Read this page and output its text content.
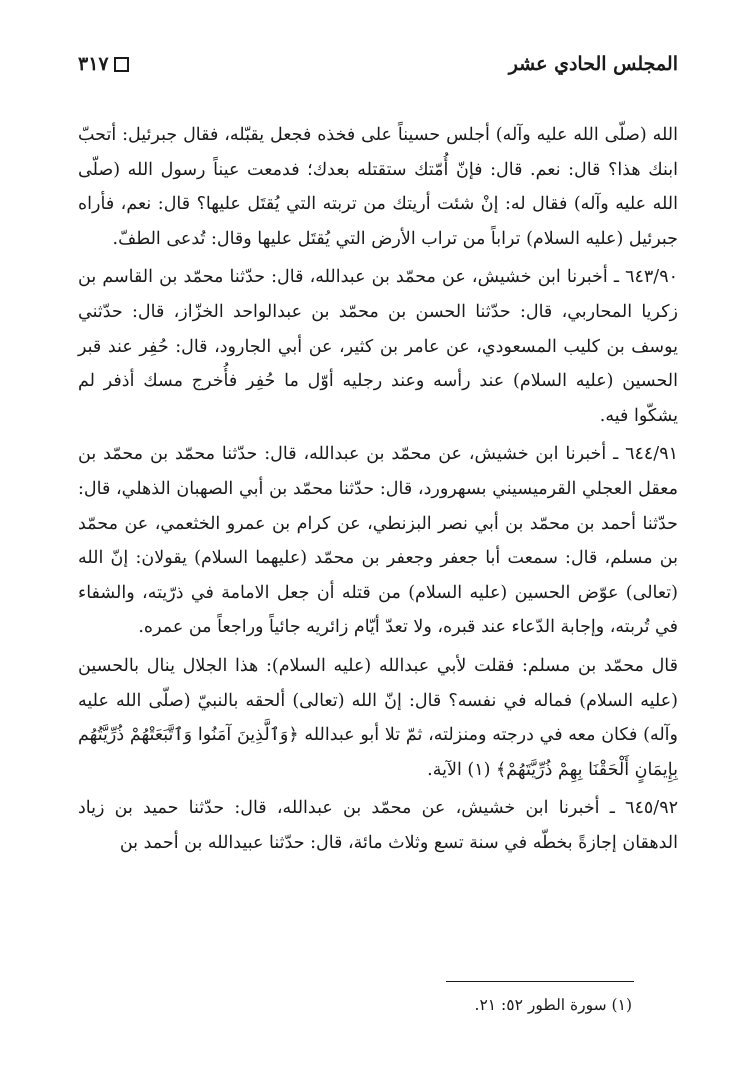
المجلس الحادي عشر
٣١٧

الله (صلّى الله عليه وآله) أجلس حسيناً على فخذه فجعل يقبّله، فقال جبرئيل: أتحبّ ابنك هذا؟ قال: نعم. قال: فإنّ أُمّتك ستقتله بعدك؛ فدمعت عيناً رسول الله (صلّى الله عليه وآله) فقال له: إنْ شئت أريتك من تربته التي يُقتَل عليها؟ قال: نعم، فأراه جبرئيل (عليه السلام) تراباً من تراب الأرض التي يُقتَل عليها وقال: تُدعى الطفّ.

٦٤٣/٩٠ ـ أخبرنا ابن خشيش، عن محمّد بن عبدالله، قال: حدّثنا محمّد بن القاسم بن زكريا المحاربي، قال: حدّثنا الحسن بن محمّد بن عبدالواحد الخزّاز، قال: حدّثني يوسف بن كليب المسعودي، عن عامر بن كثير، عن أبي الجارود، قال: حُفِر عند قبر الحسين (عليه السلام) عند رأسه وعند رجليه أوّل ما حُفِر فأُخرج مسك أذفر لم يشكّوا فيه.

٦٤٤/٩١ ـ أخبرنا ابن خشيش، عن محمّد بن عبدالله، قال: حدّثنا محمّد بن محمّد بن معقل العجلي القرميسيني بسهرورد، قال: حدّثنا محمّد بن أبي الصهبان الذهلي، قال: حدّثنا أحمد بن محمّد بن أبي نصر البزنطي، عن كرام بن عمرو الخثعمي، عن محمّد بن مسلم، قال: سمعت أبا جعفر وجعفر بن محمّد (عليهما السلام) يقولان: إنّ الله (تعالى) عوّض الحسين (عليه السلام) من قتله أن جعل الامامة في ذرّيته، والشفاء في تُربته، وإجابة الدّعاء عند قبره، ولا تعدّ أيّام زائريه جائياً وراجعاً من عمره.

قال محمّد بن مسلم: فقلت لأبي عبدالله (عليه السلام): هذا الجلال ينال بالحسين (عليه السلام) فماله في نفسه؟ قال: إنّ الله (تعالى) ألحقه بالنبيّ (صلّى الله عليه وآله) فكان معه في درجته ومنزلته، ثمّ تلا أبو عبدالله ﴿وَٱلَّذِينَ آمَنُوا وَٱتَّبَعَتْهُمْ ذُرِّيَّتُهُم بِإِيمَانٍ أَلْحَقْنَا بِهِمْ ذُرِّيَّتَهُمْ﴾ (١) الآية.

٦٤٥/٩٢ ـ أخبرنا ابن خشيش، عن محمّد بن عبدالله، قال: حدّثنا حميد بن زياد الدهقان إجازةً بخطّه في سنة تسع وثلاث مائة، قال: حدّثنا عبيدالله بن أحمد بن

(١) سورة الطور ٥٢: ٢١.
